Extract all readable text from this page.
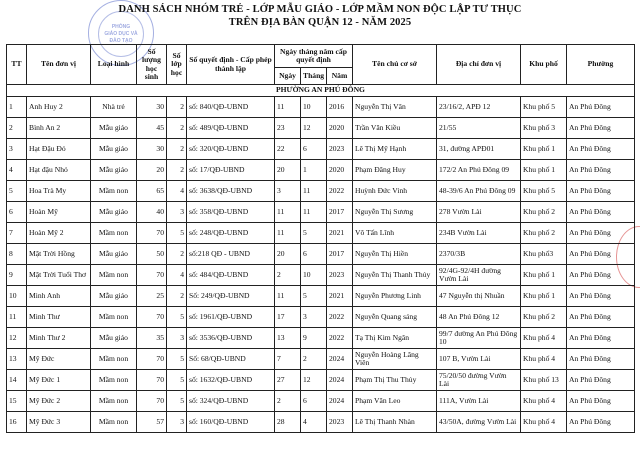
PHÒNG
GIÁO DỤC VÀ
ĐÀO TẠO
DANH SÁCH NHÓM TRẺ - LỚP MẪU GIÁO - LỚP MẦM NON ĐỘC LẬP TƯ THỤC
TRÊN ĐỊA BÀN QUẬN 12 - NĂM 2025
TT	Tên đơn vị	Loại hình	Số lượng học sinh	Số lớp học	Số quyết định - Cấp phép thành lập	Ngày tháng năm cấp quyết định			Tên chủ cơ sở	Địa chỉ đơn vị	Khu phố	Phường
						Ngày	Tháng	Năm				
PHƯỜNG AN PHÚ ĐÔNG												
1	Anh Huy 2	Nhà trẻ	30	2	số: 840/QĐ-UBND	11	10	2016	Nguyễn Thị Vân	23/16/2, APĐ 12	Khu phố 5	An Phú Đông
2	Bình An 2	Mẫu giáo	45	2	số: 489/QĐ-UBND	23	12	2020	Trần Văn Kiều	21/55	Khu phố 3	An Phú Đông
3	Hạt Đậu Đỏ	Mẫu giáo	30	2	số: 320/QĐ-UBND	22	6	2023	Lê Thị Mỹ Hạnh	31, đường APĐ01	Khu phố 1	An Phú Đông
4	Hạt đậu Nhỏ	Mẫu giáo	20	2	số: 17/QĐ-UBND	20	1	2020	Phạm Đăng Huy	172/2 An Phú Đông 09	Khu phố 1	An Phú Đông
5	Hoa Trà My	Mầm non	65	4	số: 3638/QĐ-UBND	3	11	2022	Huỳnh Đức Vinh	48-39/6 An Phú Đông 09	Khu phố 5	An Phú Đông
6	Hoàn Mỹ	Mẫu giáo	40	3	số: 358/QĐ-UBND	11	11	2017	Nguyễn Thị Sương	278 Vườn Lài	Khu phố 2	An Phú Đông
7	Hoàn Mỹ 2	Mầm non	70	5	số: 248/QĐ-UBND	11	5	2021	Võ Tấn Lĩnh	234B Vườn Lài	Khu phố 2	An Phú Đông
8	Mặt Trời Hồng	Mẫu giáo	50	2	số:218 QĐ - UBND	20	6	2017	Nguyễn Thị Hiền	2370/3B	Khu phố3	An Phú Đông
9	Mặt Trời Tuổi Thơ	Mầm non	70	4	số: 484/QĐ-UBND	2	10	2023	Nguyễn Thị Thanh Thủy	92/4G-92/4H đường Vườn Lài	Khu phố 1	An Phú Đông
10	Minh Anh	Mẫu giáo	25	2	Số: 249/QĐ-UBND	11	5	2021	Nguyễn Phương Linh	47 Nguyễn thị Nhuần	Khu phố 1	An Phú Đông
11	Minh Thư	Mầm non	70	5	số: 1961/QĐ-UBND	17	3	2022	Nguyễn Quang sáng	48 An Phú Đông 12	Khu phố 2	An Phú Đông
12	Minh Thư 2	Mẫu giáo	35	3	số: 3536/QĐ-UBND	13	9	2022	Tạ Thị Kim Ngân	99/7 đường An Phú Đông 10	Khu phố 4	An Phú Đông
13	Mỹ Đức	Mầm non	70	5	Số: 68/QĐ-UBND	7	2	2024	Nguyễn Hoàng Lãng Viên	107 B, Vườn Lài	Khu phố 4	An Phú Đông
14	Mỹ Đức 1	Mầm non	70	5	số: 1632/QĐ-UBND	27	12	2024	Phạm Thị Thu Thủy	75/20/50 đường Vườn Lài	Khu phố 13	An Phú Đông
15	Mỹ Đức 2	Mầm non	70	5	số: 324/QĐ-UBND	2	6	2024	Phạm Văn Leo	111A, Vườn Lài	Khu phố 4	An Phú Đông
16	Mỹ Đức 3	Mầm non	57	3	số: 160/QĐ-UBND	28	4	2023	Lê Thị Thanh Nhàn	43/50A, đường Vườn Lài	Khu phố 4	An Phú Đông
